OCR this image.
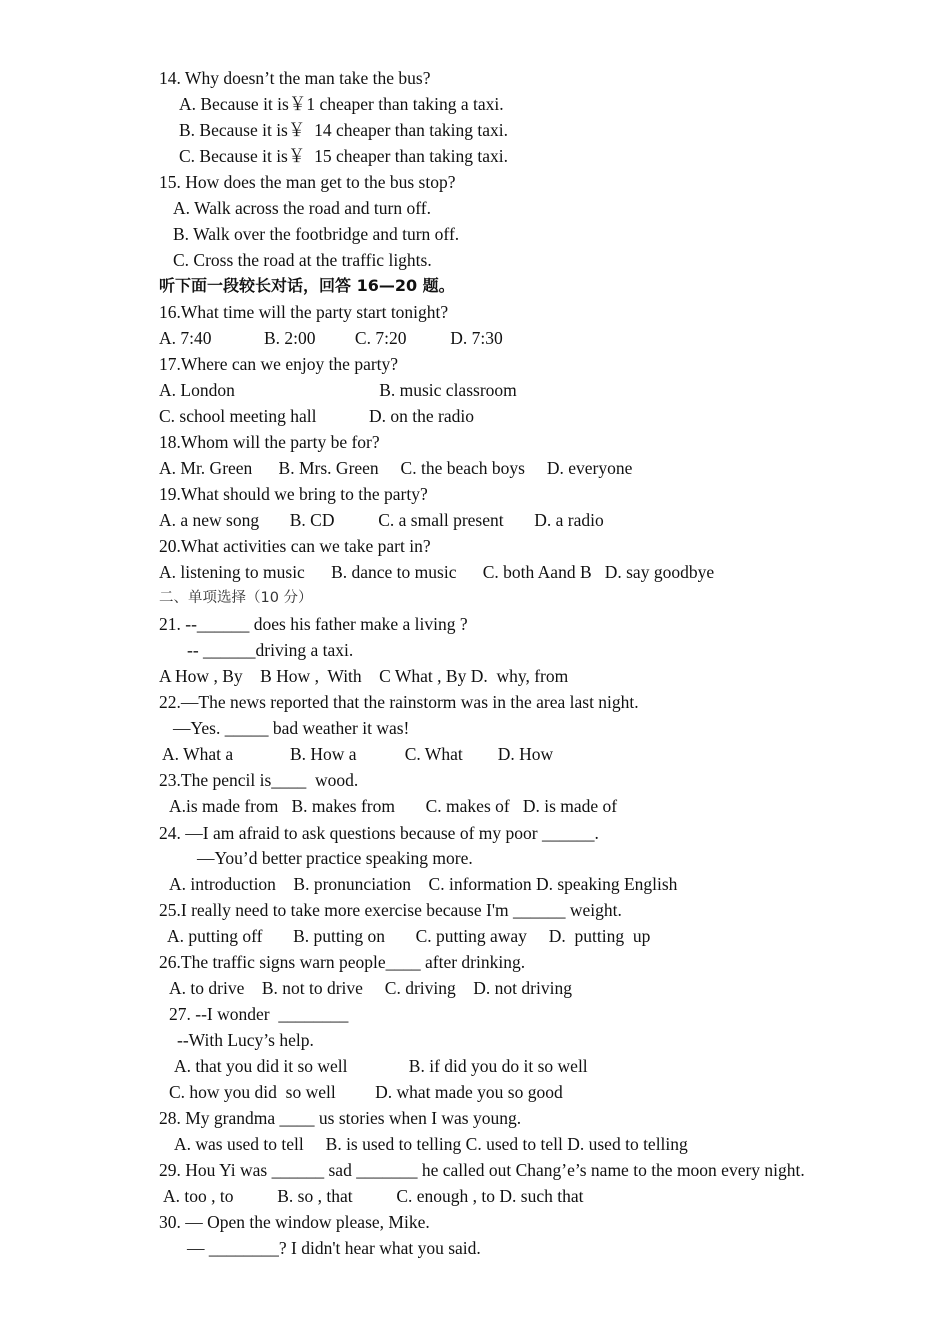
14. Why doesn’t the man take the bus?
A. Because it is￥1 cheaper than taking a taxi.
B. Because it is￥  14 cheaper than taking taxi.
C. Because it is￥  15 cheaper than taking taxi.
15. How does the man get to the bus stop?
A. Walk across the road and turn off.
B. Walk over the footbridge and turn off.
C. Cross the road at the traffic lights.
听下面一段较长对话，回答 16—20 题。
16.What time will the party start tonight?
A. 7:40            B. 2:00         C. 7:20          D. 7:30
17.Where can we enjoy the party?
A. London                                 B. music classroom
C. school meeting hall            D. on the radio
18.Whom will the party be for?
A. Mr. Green      B. Mrs. Green     C. the beach boys     D. everyone
19.What should we bring to the party?
A. a new song       B. CD          C. a small present       D. a radio
20.What activities can we take part in?
A. listening to music      B. dance to music      C. both Aand B   D. say goodbye
二、单项选择（10 分）
21. --______ does his father make a living ?
-- ______driving a taxi.
A How , By    B How ,  With    C What , By D.  why, from
22.—The news reported that the rainstorm was in the area last night.
—Yes. _____ bad weather it was!
A. What a             B. How a           C. What        D. How
23.The pencil is____  wood.
A.is made from   B. makes from       C. makes of   D. is made of
24. —I am afraid to ask questions because of my poor ______.
—You’d better practice speaking more.
A. introduction    B. pronunciation    C. information D. speaking English
25.I really need to take more exercise because I'm ______ weight.
A. putting off       B. putting on       C. putting away     D.  putting  up
26.The traffic signs warn people____ after drinking.
A. to drive    B. not to drive     C. driving    D. not driving
27. --I wonder  ________
--With Lucy’s help.
A. that you did it so well              B. if did you do it so well
C. how you did  so well         D. what made you so good
28. My grandma ____ us stories when I was young.
A. was used to tell     B. is used to telling C. used to tell D. used to telling
29. Hou Yi was ______ sad _______ he called out Chang’e’s name to the moon every night.
A. too , to          B. so , that          C. enough , to D. such that
30. — Open the window please, Mike.
— ________? I didn't hear what you said.
